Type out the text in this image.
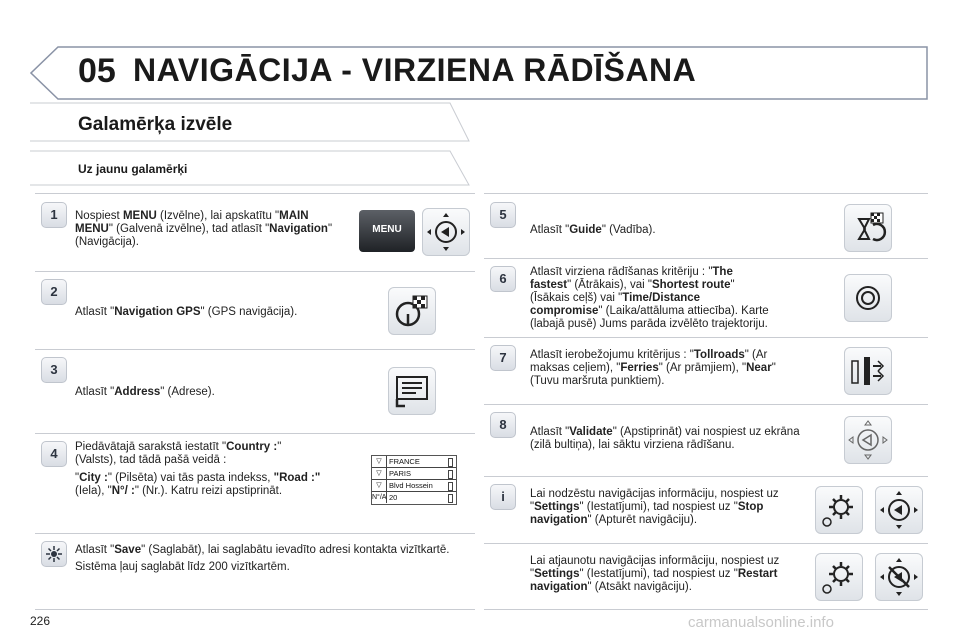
05 NAVIGĀCIJA - VIRZIENA RĀDĪŠANA
Galamērķa izvēle
Uz jaunu galamērķi
1	Nospiest MENU (Izvēlne), lai apskatītu "MAIN MENU" (Galvenā izvēlne), tad atlasīt "Navigation" (Navigācija).
MENU
2
Atlasīt "Navigation GPS" (GPS navigācija).
3
Atlasīt "Address" (Adrese).
4	Piedāvātajā sarakstā iestatīt "Country :" (Valsts), tad tādā pašā veidā :

"City :" (Pilsēta) vai tās pasta indekss, "Road :" (Iela), "N°/ :" (Nr.). Katru reizi apstiprināt.
▽ FRANCE
▽ PARIS
▽ Blvd Hossein
N°/A 20
Atlasīt "Save" (Saglabāt), lai saglabātu ievadīto adresi kontakta vizītkartē.

Sistēma ļauj saglabāt līdz 200 vizītkartēm.
5
Atlasīt "Guide" (Vadība).
6	Atlasīt virziena rādīšanas kritēriju : "The fastest" (Ātrākais), vai "Shortest route" (Īsākais ceļš) vai "Time/Distance compromise" (Laika/attāluma attiecība). Karte (labajā pusē) Jums parāda izvēlēto trajektoriju.
7	Atlasīt ierobežojumu kritērijus : "Tollroads" (Ar maksas ceļiem), "Ferries" (Ar prāmjiem), "Near" (Tuvu maršruta punktiem).
8	Atlasīt "Validate" (Apstiprināt) vai nospiest uz ekrāna (zilā bultiņa), lai sāktu virziena rādīšanu.
i	Lai nodzēstu navigācijas informāciju, nospiest uz "Settings" (Iestatījumi), tad nospiest uz "Stop navigation" (Apturēt navigāciju).
Lai atjaunotu navigācijas informāciju, nospiest uz "Settings" (Iestatījumi), tad nospiest uz "Restart navigation" (Atsākt navigāciju).
226	carmanualsonline.info
